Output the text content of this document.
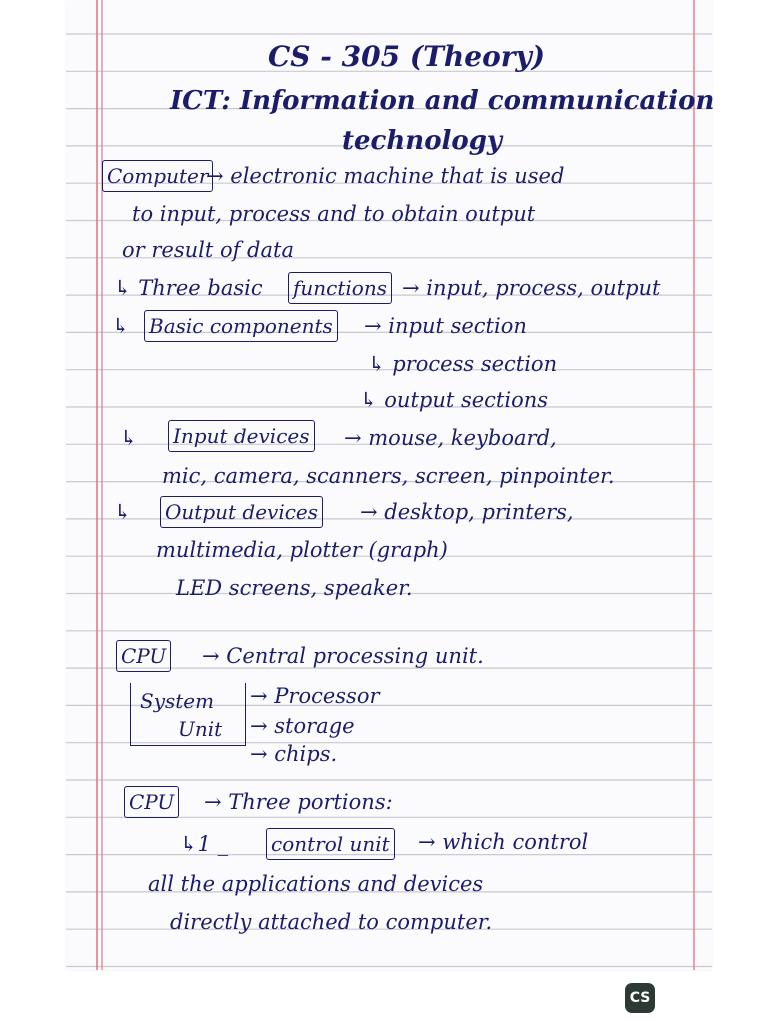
CS - 305 (Theory)
ICT: Information and communication
technology
Computer
→ electronic machine that is used
to input, process and to obtain output
or result of data
↳ Three basic functions → input, process, output
↳ Basic components → input section
↳ process section
↳ output sections
↳ Input devices → mouse, keyboard,
mic, camera, scanners, screen, pinpointer.
↳ Output devices → desktop, printers,
multimedia, plotter (graph)
LED screens, speaker.
CPU → Central processing unit.
System
Unit
→ Processor
→ storage
→ chips.
CPU → Three portions:
↳1 _ control unit → which control
all the applications and devices
directly attached to computer.
CS
